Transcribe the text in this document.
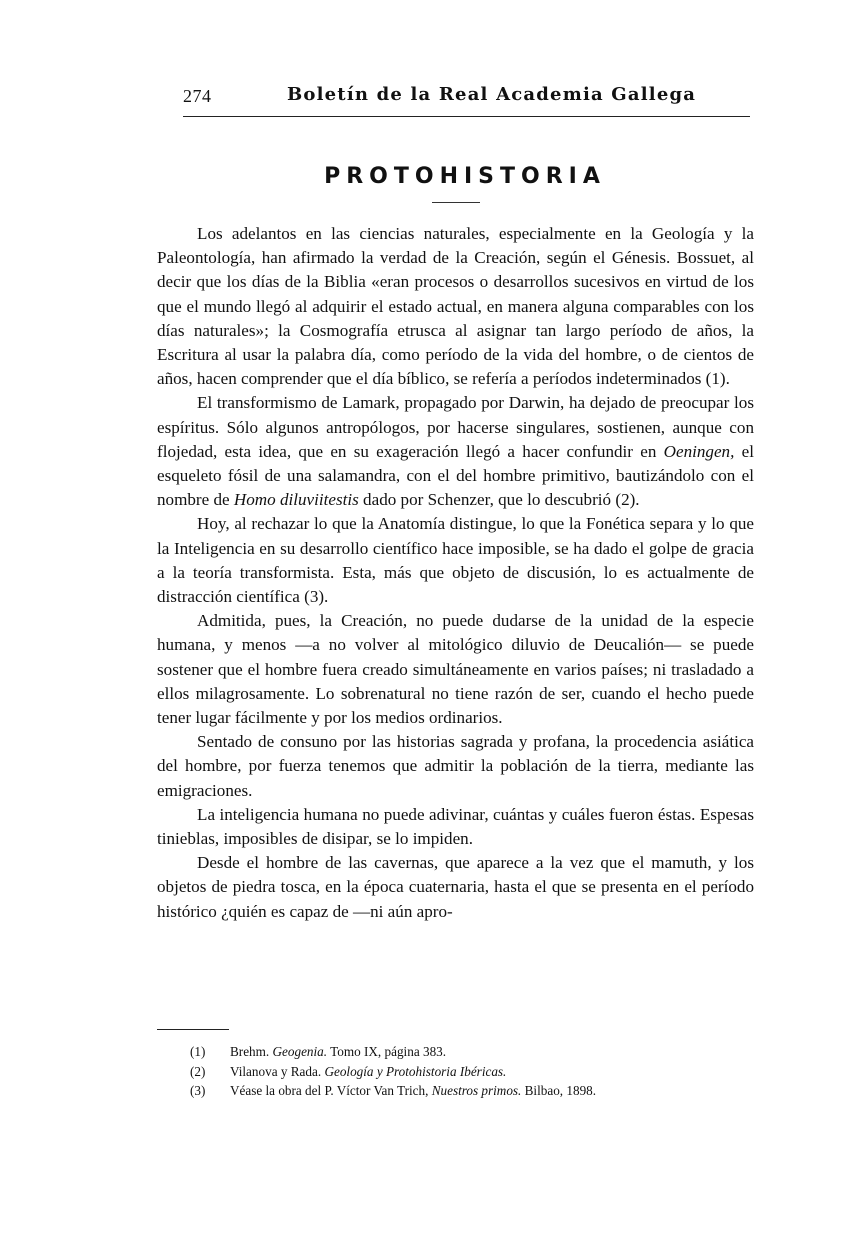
274	Boletín de la Real Academia Gallega
PROTOHISTORIA

Los adelantos en las ciencias naturales, especialmente en la Geología y la Paleontología, han afirmado la verdad de la Creación, según el Génesis. Bossuet, al decir que los días de la Biblia «eran procesos o desarrollos sucesivos en virtud de los que el mundo llegó al adquirir el estado actual, en manera alguna comparables con los días naturales»; la Cosmografía etrusca al asignar tan largo período de años, la Escritura al usar la palabra día, como período de la vida del hombre, o de cientos de años, hacen comprender que el día bíblico, se refería a períodos indeterminados (1).

El transformismo de Lamark, propagado por Darwin, ha dejado de preocupar los espíritus. Sólo algunos antropólogos, por hacerse singulares, sostienen, aunque con flojedad, esta idea, que en su exageración llegó a hacer confundir en Oeningen, el esqueleto fósil de una salamandra, con el del hombre primitivo, bautizándolo con el nombre de Homo diluviitestis dado por Schenzer, que lo descubrió (2).

Hoy, al rechazar lo que la Anatomía distingue, lo que la Fonética separa y lo que la Inteligencia en su desarrollo científico hace imposible, se ha dado el golpe de gracia a la teoría transformista. Esta, más que objeto de discusión, lo es actualmente de distracción científica (3).

Admitida, pues, la Creación, no puede dudarse de la unidad de la especie humana, y menos —a no volver al mitológico diluvio de Deucalión— se puede sostener que el hombre fuera creado simultáneamente en varios países; ni trasladado a ellos milagrosamente. Lo sobrenatural no tiene razón de ser, cuando el hecho puede tener lugar fácilmente y por los medios ordinarios.

Sentado de consuno por las historias sagrada y profana, la procedencia asiática del hombre, por fuerza tenemos que admitir la población de la tierra, mediante las emigraciones.

La inteligencia humana no puede adivinar, cuántas y cuáles fueron éstas. Espesas tinieblas, imposibles de disipar, se lo impiden.

Desde el hombre de las cavernas, que aparece a la vez que el mamuth, y los objetos de piedra tosca, en la época cuaternaria, hasta el que se presenta en el período histórico ¿quién es capaz de —ni aún apro-

(1) Brehm. Geogenia. Tomo IX, página 383.
(2) Vilanova y Rada. Geología y Protohistoria Ibéricas.
(3) Véase la obra del P. Víctor Van Trich, Nuestros primos. Bilbao, 1898.
